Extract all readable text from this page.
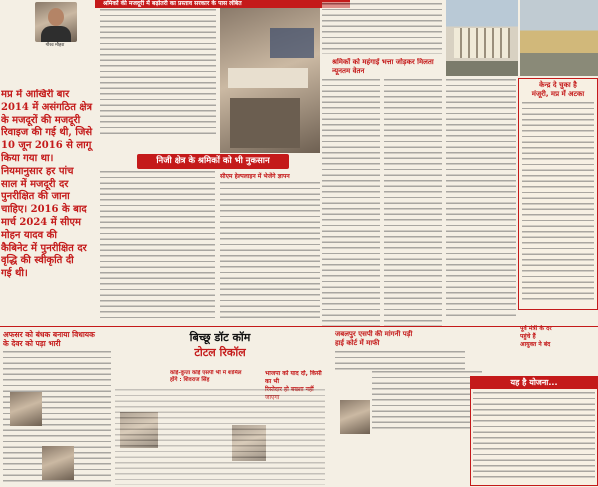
श्रमिकों की मजदूरी में बढ़ोतरी का प्रस्ताव सरकार के पास लंबित
गौरव मौहरा
मप्र में आखिरी बार
2014 में असंगठित क्षेत्र
के मजदूरों की मजदूरी
रिवाइज की गई थी, जिसे
10 जून 2016 से लागू
किया गया था।
नियमानुसार हर पांच
साल में मजदूरी दर
पुनरीक्षित की जाना
चाहिए। 2016 के बाद
मार्च 2024 में सीएम
मोहन यादव की
कैबिनेट में पुनरीक्षित दर
वृद्धि की स्वीकृति दी
गई थी।
निजी क्षेत्र के श्रमिकों को भी नुकसान
सीएम हेल्पलाइन में भेजेंगे ज्ञापन
श्रमिकों को महंगाई भत्ता जोड़कर मिलता न्यूनतम वेतन
केन्द्र दे चुका है
मंजूरी, मप्र में अटका
अफसर को बंधक बनाया विधायक
के देवर को पड़ा भारी	बिच्छू डॉट कॉम
टोटल रिकॉल
कोई-कुत्ता कोई एसपी भी में शामिल
होंगे : शिवराज सिंह
भाजपा को याद दो, किसी का भी
रिस्तेदार हो बख्शा नहीं जाएगा
जबलपुर एसपी की मांगनी पड़ी
हाई कोर्ट में माफी
पूर्व मंत्री के दर
पहुंचे हैं
आयुक्त ने बंद
यह है योजना...
